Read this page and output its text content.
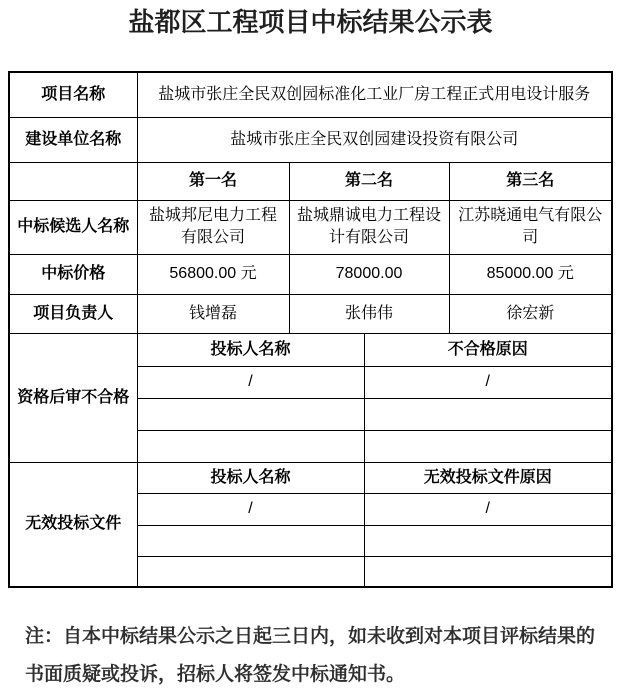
盐都区工程项目中标结果公示表
项目名称	盐城市张庄全民双创园标准化工业厂房工程正式用电设计服务			
建设单位名称	盐城市张庄全民双创园建设投资有限公司			
	第一名	第二名		第三名
中标候选人名称	盐城邦尼电力工程有限公司	盐城鼎诚电力工程设计有限公司		江苏晓通电气有限公司
中标价格	56800.00 元	78000.00		85000.00 元
项目负责人	钱增磊	张伟伟		徐宏新
资格后审不合格	投标人名称		不合格原因	
	/		/	

无效投标文件	投标人名称		无效投标文件原因	
	/		/	

注：自本中标结果公示之日起三日内，如未收到对本项目评标结果的书面质疑或投诉，招标人将签发中标通知书。
